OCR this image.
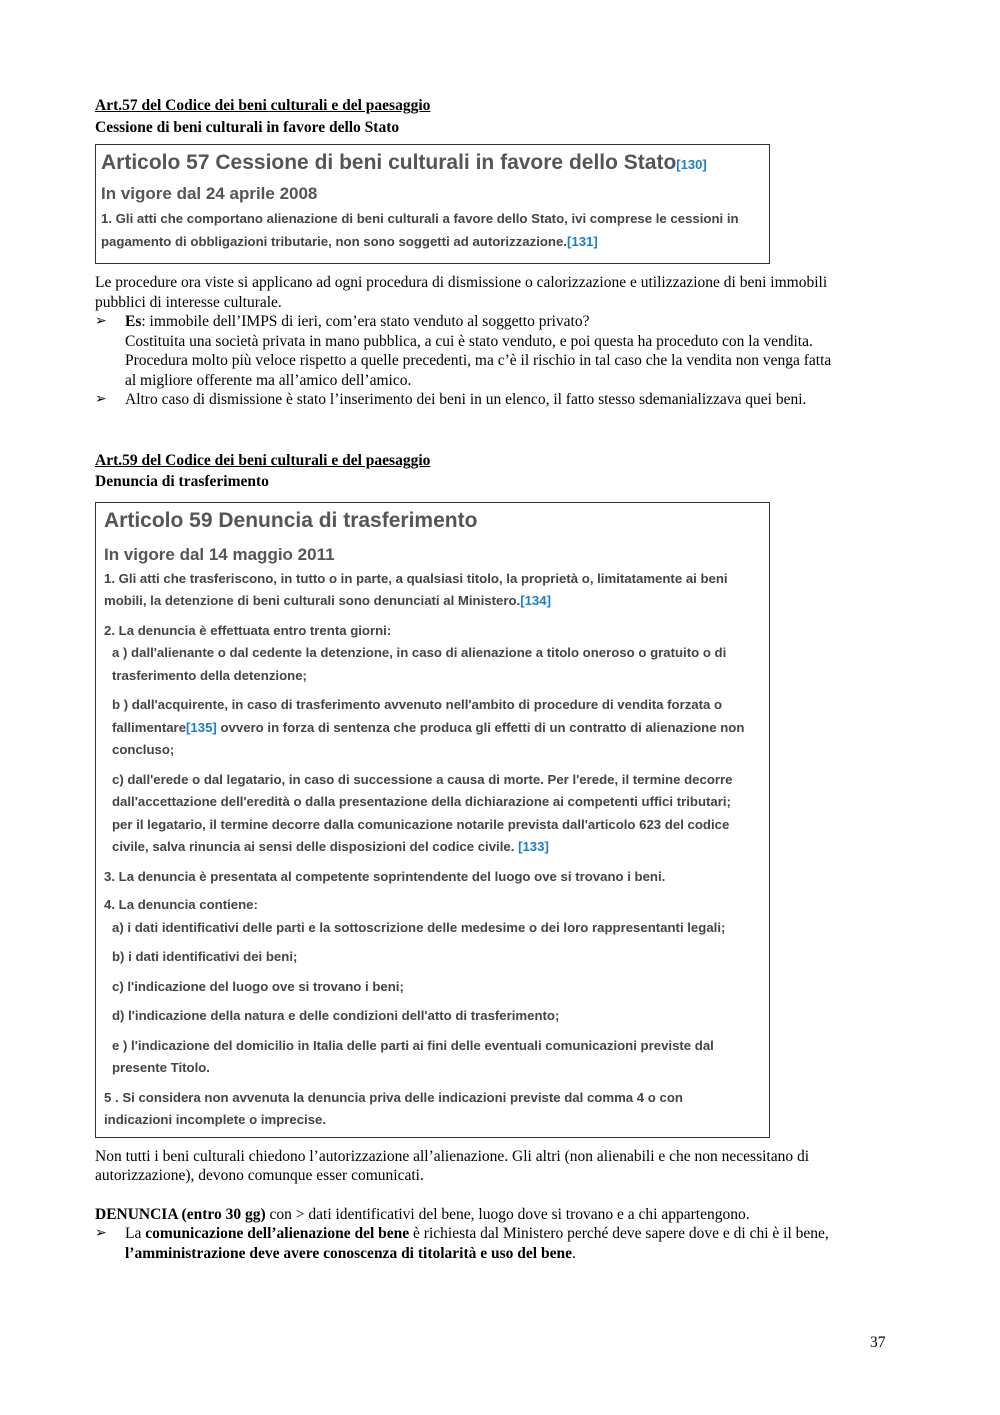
Art.57 del Codice dei beni culturali e del paesaggio
Cessione di beni culturali in favore dello Stato
Articolo 57 Cessione di beni culturali in favore dello Stato[130]
In vigore dal 24 aprile 2008
1. Gli atti che comportano alienazione di beni culturali a favore dello Stato, ivi comprese le cessioni in
pagamento di obbligazioni tributarie, non sono soggetti ad autorizzazione.[131]
Le procedure ora viste si applicano ad ogni procedura di dismissione o calorizzazione e utilizzazione di beni immobili
pubblici di interesse culturale.
➢	Es: immobile dell’IMPS di ieri, com’era stato venduto al soggetto privato?
Costituita una società privata in mano pubblica, a cui è stato venduto, e poi questa ha proceduto con la vendita.
Procedura molto più veloce rispetto a quelle precedenti, ma c’è il rischio in tal caso che la vendita non venga fatta
al migliore offerente ma all’amico dell’amico.
➢	Altro caso di dismissione è stato l’inserimento dei beni in un elenco, il fatto stesso sdemanializzava quei beni.
Art.59 del Codice dei beni culturali e del paesaggio
Denuncia di trasferimento
Articolo 59 Denuncia di trasferimento
In vigore dal 14 maggio 2011
1. Gli atti che trasferiscono, in tutto o in parte, a qualsiasi titolo, la proprietà o, limitatamente ai beni
mobili, la detenzione di beni culturali sono denunciati al Ministero.[134]
2. La denuncia è effettuata entro trenta giorni:
a ) dall'alienante o dal cedente la detenzione, in caso di alienazione a titolo oneroso o gratuito o di
trasferimento della detenzione;
b ) dall'acquirente, in caso di trasferimento avvenuto nell'ambito di procedure di vendita forzata o
fallimentare[135] ovvero in forza di sentenza che produca gli effetti di un contratto di alienazione non
concluso;
c) dall'erede o dal legatario, in caso di successione a causa di morte. Per l'erede, il termine decorre
dall'accettazione dell'eredità o dalla presentazione della dichiarazione ai competenti uffici tributari;
per il legatario, il termine decorre dalla comunicazione notarile prevista dall'articolo 623 del codice
civile, salva rinuncia ai sensi delle disposizioni del codice civile. [133]
3. La denuncia è presentata al competente soprintendente del luogo ove si trovano i beni.
4. La denuncia contiene:
a) i dati identificativi delle parti e la sottoscrizione delle medesime o dei loro rappresentanti legali;
b) i dati identificativi dei beni;
c) l'indicazione del luogo ove si trovano i beni;
d) l'indicazione della natura e delle condizioni dell'atto di trasferimento;
e ) l'indicazione del domicilio in Italia delle parti ai fini delle eventuali comunicazioni previste dal
presente Titolo.
5 . Si considera non avvenuta la denuncia priva delle indicazioni previste dal comma 4 o con
indicazioni incomplete o imprecise.
Non tutti i beni culturali chiedono l’autorizzazione all’alienazione. Gli altri (non alienabili e che non necessitano di
autorizzazione), devono comunque esser comunicati.
DENUNCIA (entro 30 gg) con > dati identificativi del bene, luogo dove si trovano e a chi appartengono.
➢	La comunicazione dell’alienazione del bene è richiesta dal Ministero perché deve sapere dove e di chi è il bene,
l’amministrazione deve avere conoscenza di titolarità e uso del bene.
37
